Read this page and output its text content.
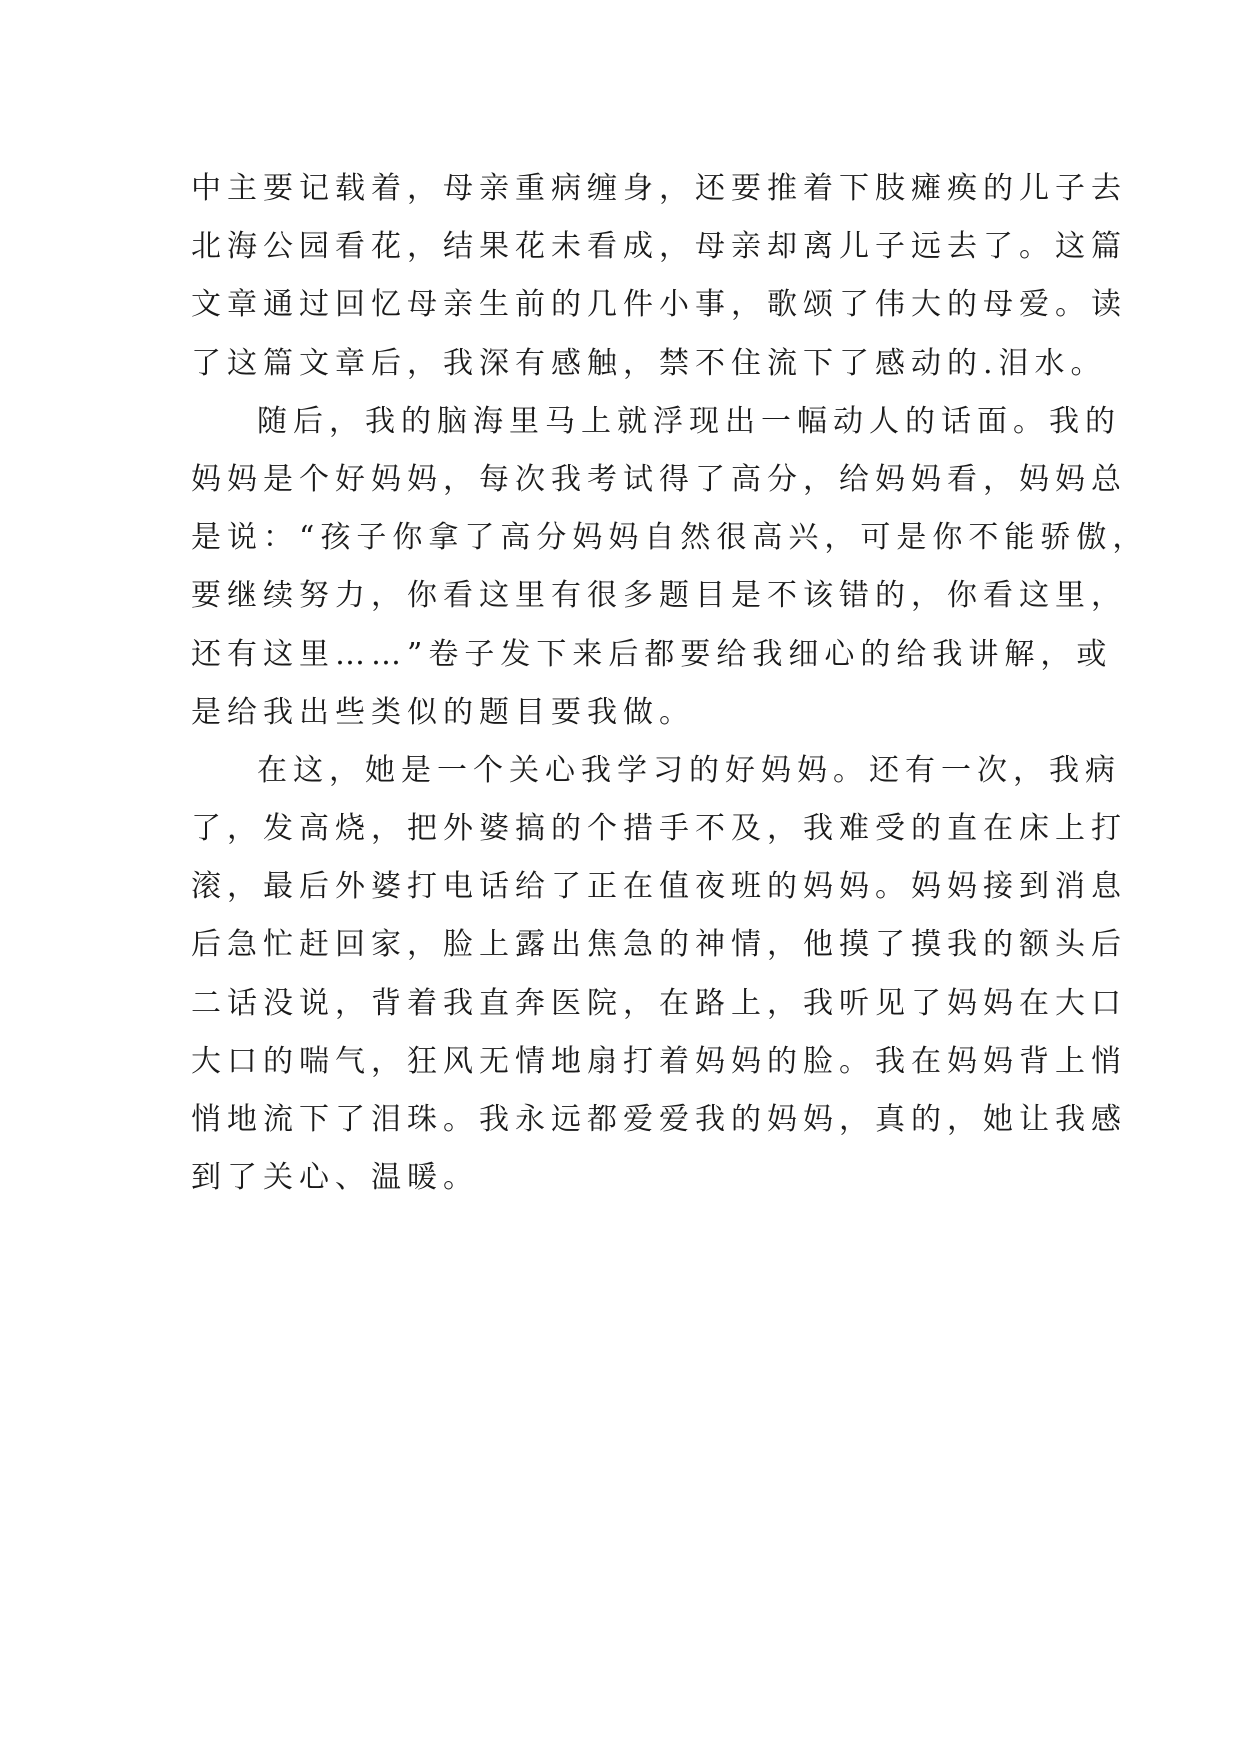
中主要记载着，母亲重病缠身，还要推着下肢瘫痪的儿子去
北海公园看花，结果花未看成，母亲却离儿子远去了。这篇
文章通过回忆母亲生前的几件小事，歌颂了伟大的母爱。读
了这篇文章后，我深有感触，禁不住流下了感动的.泪水。
随后，我的脑海里马上就浮现出一幅动人的话面。我的
妈妈是个好妈妈，每次我考试得了高分，给妈妈看，妈妈总
是说：“孩子你拿了高分妈妈自然很高兴，可是你不能骄傲，
要继续努力，你看这里有很多题目是不该错的，你看这里，
还有这里……”卷子发下来后都要给我细心的给我讲解，或
是给我出些类似的题目要我做。
在这，她是一个关心我学习的好妈妈。还有一次，我病
了，发高烧，把外婆搞的个措手不及，我难受的直在床上打
滚，最后外婆打电话给了正在值夜班的妈妈。妈妈接到消息
后急忙赶回家，脸上露出焦急的神情，他摸了摸我的额头后
二话没说，背着我直奔医院，在路上，我听见了妈妈在大口
大口的喘气，狂风无情地扇打着妈妈的脸。我在妈妈背上悄
悄地流下了泪珠。我永远都爱爱我的妈妈，真的，她让我感
到了关心、温暖。
